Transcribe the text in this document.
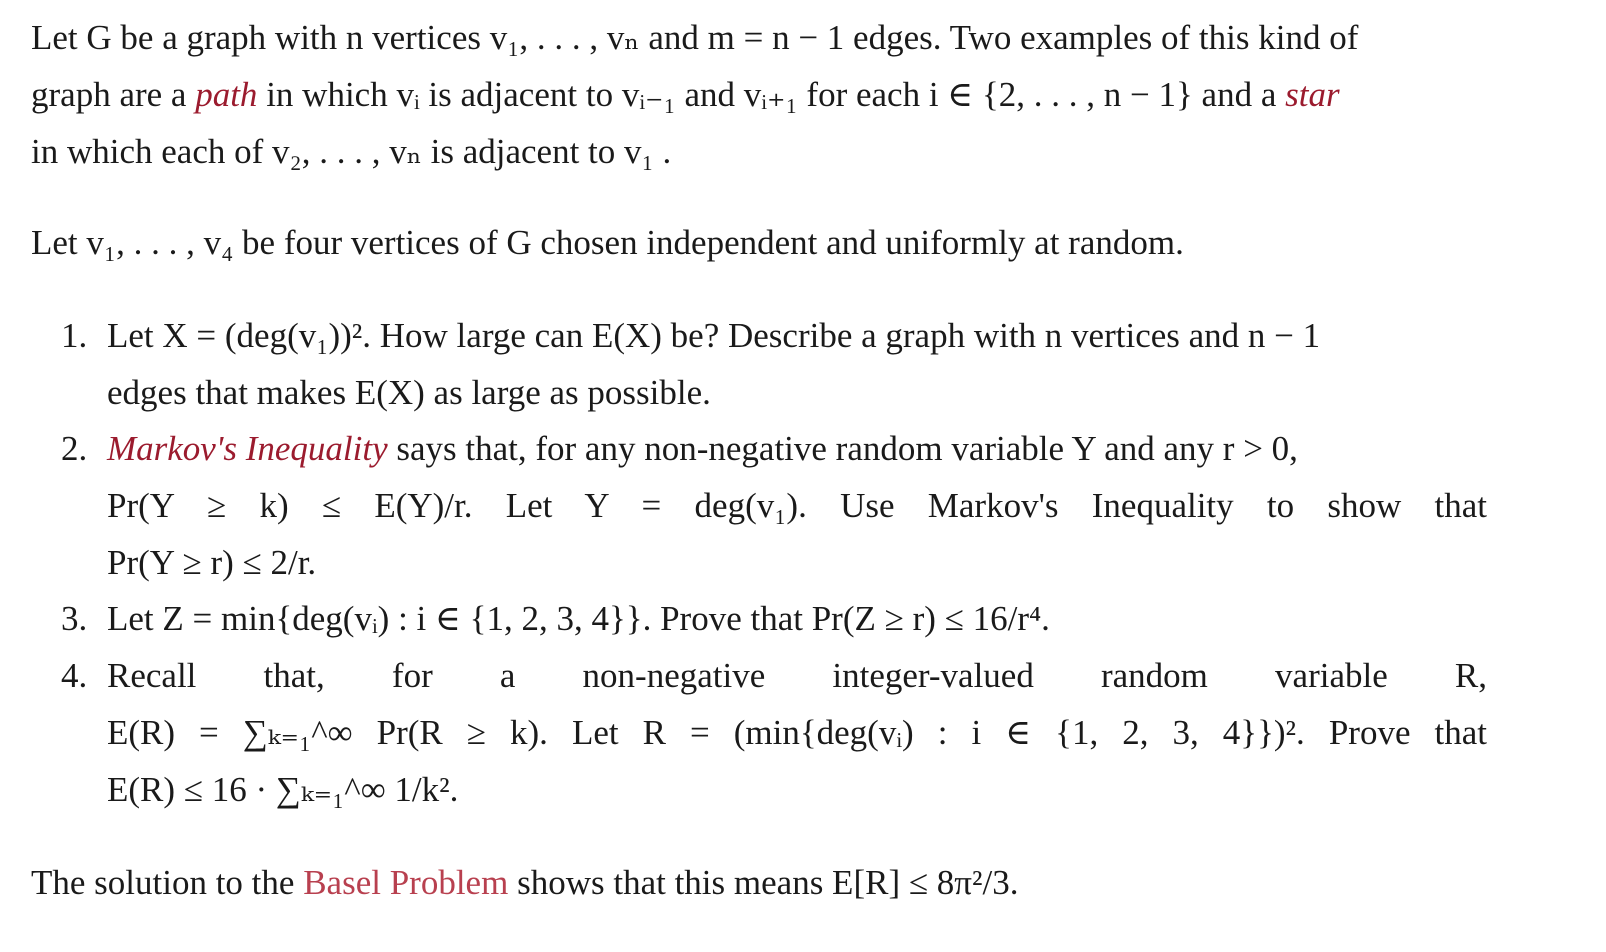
Let G be a graph with n vertices v₁, . . . , vₙ and m = n − 1 edges. Two examples of this kind of
graph are a path in which vᵢ is adjacent to vᵢ₋₁ and vᵢ₊₁ for each i ∈ {2, . . . , n − 1} and a star
in which each of v₂, . . . , vₙ is adjacent to v₁ .
Let v₁, . . . , v₄ be four vertices of G chosen independent and uniformly at random.
1. Let X = (deg(v₁))². How large can E(X) be? Describe a graph with n vertices and n − 1
edges that makes E(X) as large as possible.
2. Markov's Inequality says that, for any non-negative random variable Y and any r > 0,
Pr(Y ≥ k) ≤ E(Y)/r. Let Y = deg(v₁). Use Markov's Inequality to show that
Pr(Y ≥ r) ≤ 2/r.
3. Let Z = min{deg(vᵢ) : i ∈ {1, 2, 3, 4}}. Prove that Pr(Z ≥ r) ≤ 16/r⁴.
4. Recall that, for a non-negative integer-valued random variable R,
E(R) = ∑ₖ₌₁^∞ Pr(R ≥ k). Let R = (min{deg(vᵢ) : i ∈ {1, 2, 3, 4}})². Prove that
E(R) ≤ 16 · ∑ₖ₌₁^∞ 1/k².
The solution to the Basel Problem shows that this means E[R] ≤ 8π²/3.
